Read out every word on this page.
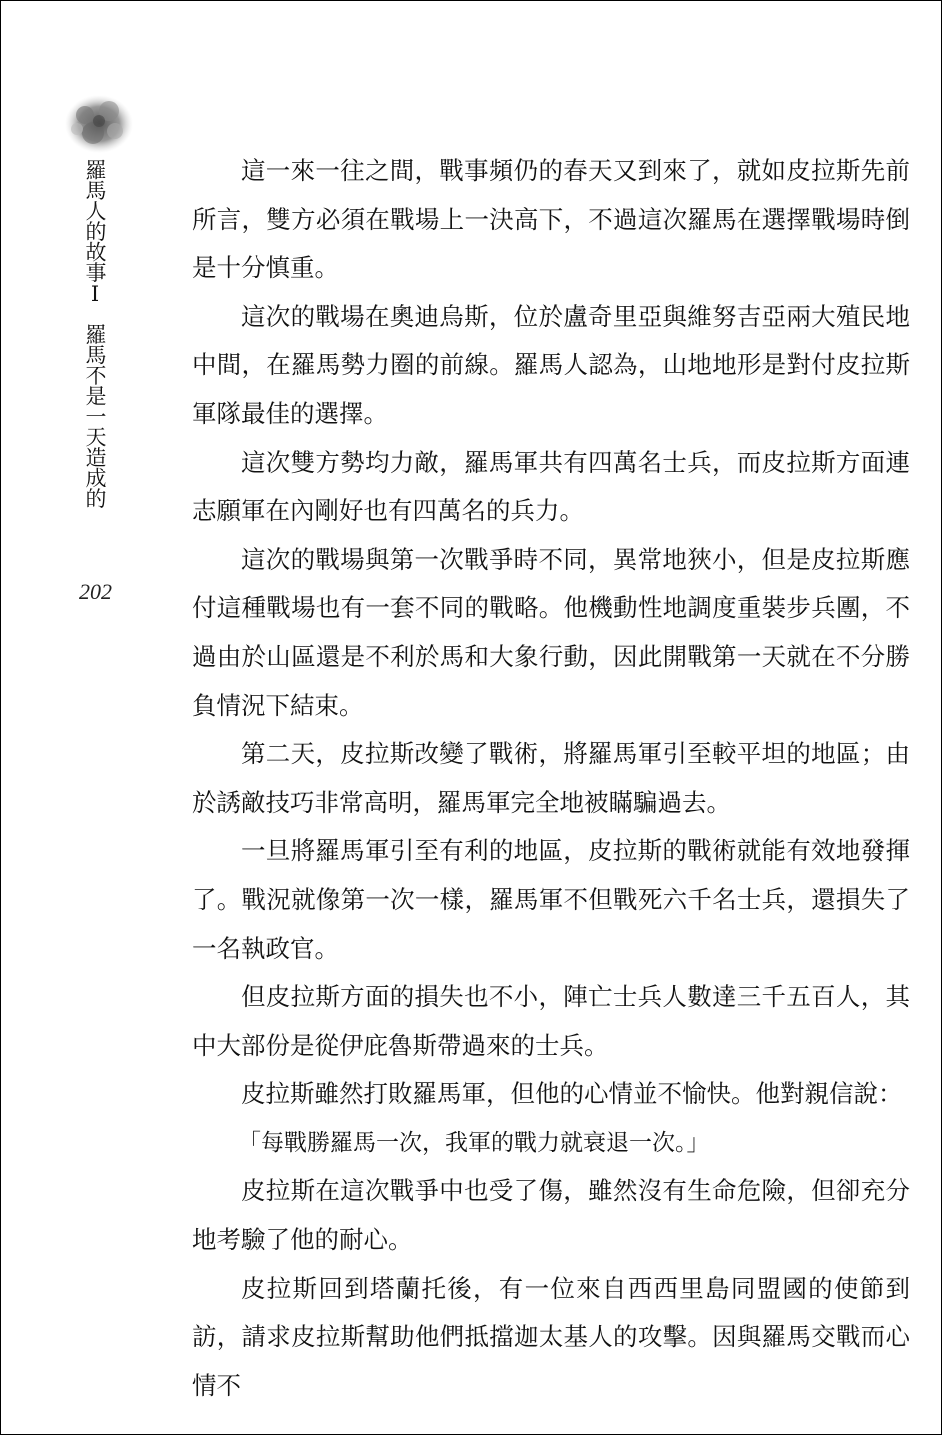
羅馬人的故事Ⅰ羅馬不是一天造成的
202

這一來一往之間，戰事頻仍的春天又到來了，就如皮拉斯先前所言，雙方必須在戰場上一決高下，不過這次羅馬在選擇戰場時倒是十分慎重。

這次的戰場在奧迪烏斯，位於盧奇里亞與維努吉亞兩大殖民地中間，在羅馬勢力圈的前線。羅馬人認為，山地地形是對付皮拉斯軍隊最佳的選擇。

這次雙方勢均力敵，羅馬軍共有四萬名士兵，而皮拉斯方面連志願軍在內剛好也有四萬名的兵力。

這次的戰場與第一次戰爭時不同，異常地狹小，但是皮拉斯應付這種戰場也有一套不同的戰略。他機動性地調度重裝步兵團，不過由於山區還是不利於馬和大象行動，因此開戰第一天就在不分勝負情況下結束。

第二天，皮拉斯改變了戰術，將羅馬軍引至較平坦的地區；由於誘敵技巧非常高明，羅馬軍完全地被瞞騙過去。

一旦將羅馬軍引至有利的地區，皮拉斯的戰術就能有效地發揮了。戰況就像第一次一樣，羅馬軍不但戰死六千名士兵，還損失了一名執政官。

但皮拉斯方面的損失也不小，陣亡士兵人數達三千五百人，其中大部份是從伊庇魯斯帶過來的士兵。

皮拉斯雖然打敗羅馬軍，但他的心情並不愉快。他對親信說：

「每戰勝羅馬一次，我軍的戰力就衰退一次。」

皮拉斯在這次戰爭中也受了傷，雖然沒有生命危險，但卻充分地考驗了他的耐心。

皮拉斯回到塔蘭托後，有一位來自西西里島同盟國的使節到訪，請求皮拉斯幫助他們抵擋迦太基人的攻擊。因與羅馬交戰而心情不
